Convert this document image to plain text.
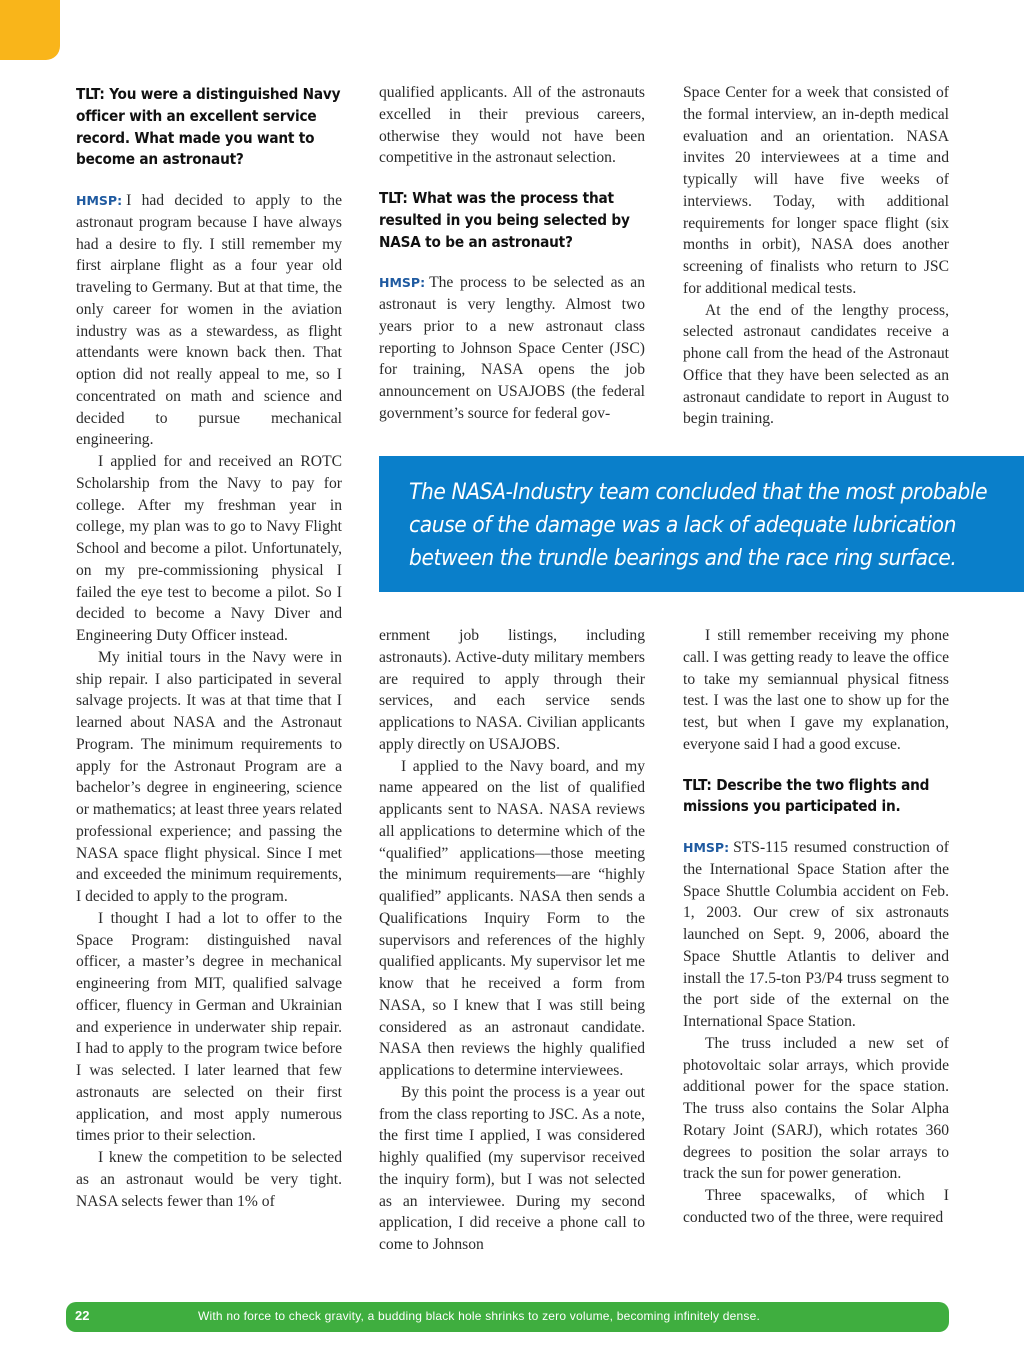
TLT: You were a distinguished Navy officer with an excellent service record. What made you want to become an astronaut?

HMSP: I had decided to apply to the astronaut program because I have always had a desire to fly. I still remember my first airplane flight as a four year old traveling to Germany. But at that time, the only career for women in the aviation industry was as a stewardess, as flight attendants were known back then. That option did not really appeal to me, so I concentrated on math and science and decided to pursue mechanical engineering.

I applied for and received an ROTC Scholarship from the Navy to pay for college. After my freshman year in college, my plan was to go to Navy Flight School and become a pilot. Unfortunately, on my pre-commissioning physical I failed the eye test to become a pilot. So I decided to become a Navy Diver and Engineering Duty Officer instead.

My initial tours in the Navy were in ship repair. I also participated in several salvage projects. It was at that time that I learned about NASA and the Astronaut Program. The minimum requirements to apply for the Astronaut Program are a bachelor’s degree in engineering, science or mathematics; at least three years related professional experience; and passing the NASA space flight physical. Since I met and exceeded the minimum requirements, I decided to apply to the program.

I thought I had a lot to offer to the Space Program: distinguished naval officer, a master’s degree in mechanical engineering from MIT, qualified salvage officer, fluency in German and Ukrainian and experience in underwater ship repair. I had to apply to the program twice before I was selected. I later learned that few astronauts are selected on their first application, and most apply numerous times prior to their selection.

I knew the competition to be selected as an astronaut would be very tight. NASA selects fewer than 1% of

qualified applicants. All of the astronauts excelled in their previous careers, otherwise they would not have been competitive in the astronaut selection.

TLT: What was the process that resulted in you being selected by NASA to be an astronaut?

HMSP: The process to be selected as an astronaut is very lengthy. Almost two years prior to a new astronaut class reporting to Johnson Space Center (JSC) for training, NASA opens the job announcement on USAJOBS (the federal government’s source for federal gov-

Space Center for a week that consisted of the formal interview, an in-depth medical evaluation and an orientation. NASA invites 20 interviewees at a time and typically will have five weeks of interviews. Today, with additional requirements for longer space flight (six months in orbit), NASA does another screening of finalists who return to JSC for additional medical tests.

At the end of the lengthy process, selected astronaut candidates receive a phone call from the head of the Astronaut Office that they have been selected as an astronaut candidate to report in August to begin training.

The NASA-Industry team concluded that the most probable cause of the damage was a lack of adequate lubrication between the trundle bearings and the race ring surface.

ernment job listings, including astronauts). Active-duty military members are required to apply through their services, and each service sends applications to NASA. Civilian applicants apply directly on USAJOBS.

I applied to the Navy board, and my name appeared on the list of qualified applicants sent to NASA. NASA reviews all applications to determine which of the “qualified” applications—those meeting the minimum requirements—are “highly qualified” applicants. NASA then sends a Qualifications Inquiry Form to the supervisors and references of the highly qualified applicants. My supervisor let me know that he received a form from NASA, so I knew that I was still being considered as an astronaut candidate. NASA then reviews the highly qualified applications to determine interviewees.

By this point the process is a year out from the class reporting to JSC. As a note, the first time I applied, I was considered highly qualified (my supervisor received the inquiry form), but I was not selected as an interviewee. During my second application, I did receive a phone call to come to Johnson

I still remember receiving my phone call. I was getting ready to leave the office to take my semiannual physical fitness test. I was the last one to show up for the test, but when I gave my explanation, everyone said I had a good excuse.

TLT: Describe the two flights and missions you participated in.

HMSP: STS-115 resumed construction of the International Space Station after the Space Shuttle Columbia accident on Feb. 1, 2003. Our crew of six astronauts launched on Sept. 9, 2006, aboard the Space Shuttle Atlantis to deliver and install the 17.5-ton P3/P4 truss segment to the port side of the external on the International Space Station.

The truss included a new set of photovoltaic solar arrays, which provide additional power for the space station. The truss also contains the Solar Alpha Rotary Joint (SARJ), which rotates 360 degrees to position the solar arrays to track the sun for power generation.

Three spacewalks, of which I conducted two of the three, were required

22	With no force to check gravity, a budding black hole shrinks to zero volume, becoming infinitely dense.
